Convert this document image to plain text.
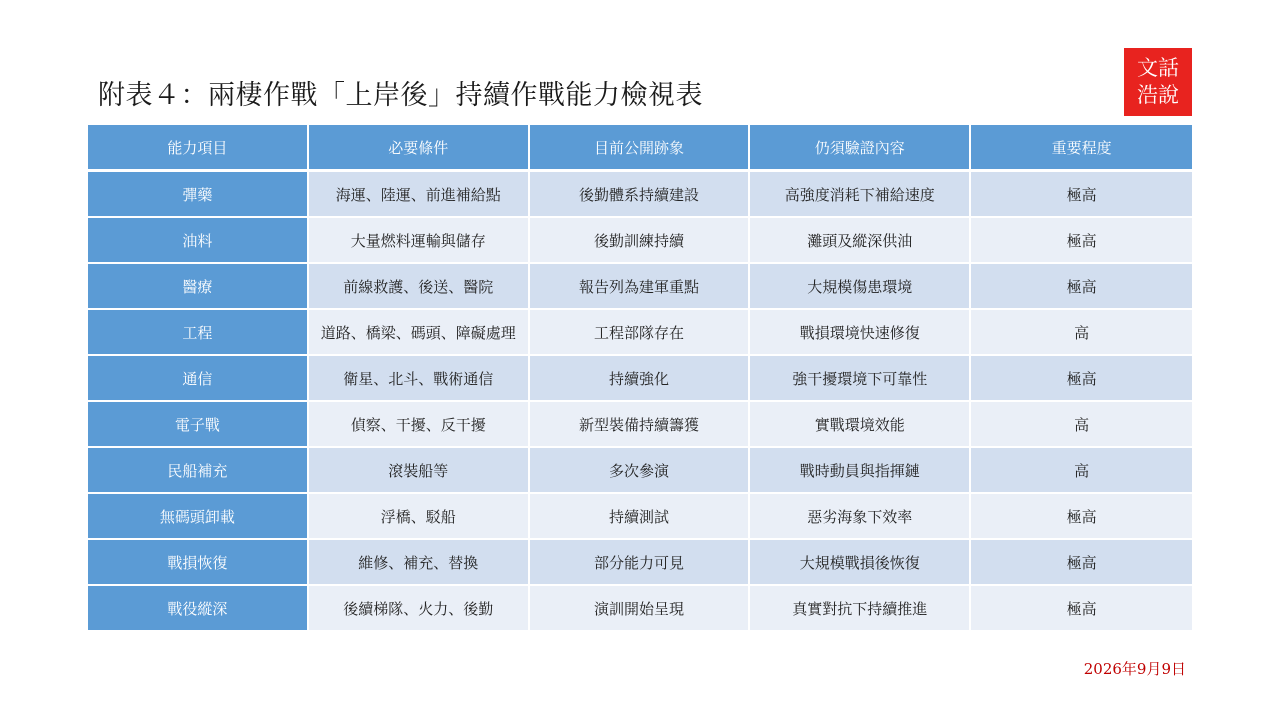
附表４：兩棲作戰「上岸後」持續作戰能力檢視表
文話
浩說
能力項目	必要條件	目前公開跡象	仍須驗證內容	重要程度
彈藥	海運、陸運、前進補給點	後勤體系持續建設	高強度消耗下補給速度	極高
油料	大量燃料運輸與儲存	後勤訓練持續	灘頭及縱深供油	極高
醫療	前線救護、後送、醫院	報告列為建軍重點	大規模傷患環境	極高
工程	道路、橋梁、碼頭、障礙處理	工程部隊存在	戰損環境快速修復	高
通信	衛星、北斗、戰術通信	持續強化	強干擾環境下可靠性	極高
電子戰	偵察、干擾、反干擾	新型裝備持續籌獲	實戰環境效能	高
民船補充	滾裝船等	多次參演	戰時動員與指揮鏈	高
無碼頭卸載	浮橋、駁船	持續測試	惡劣海象下效率	極高
戰損恢復	維修、補充、替換	部分能力可見	大規模戰損後恢復	極高
戰役縱深	後續梯隊、火力、後勤	演訓開始呈現	真實對抗下持續推進	極高
2026年9月9日
